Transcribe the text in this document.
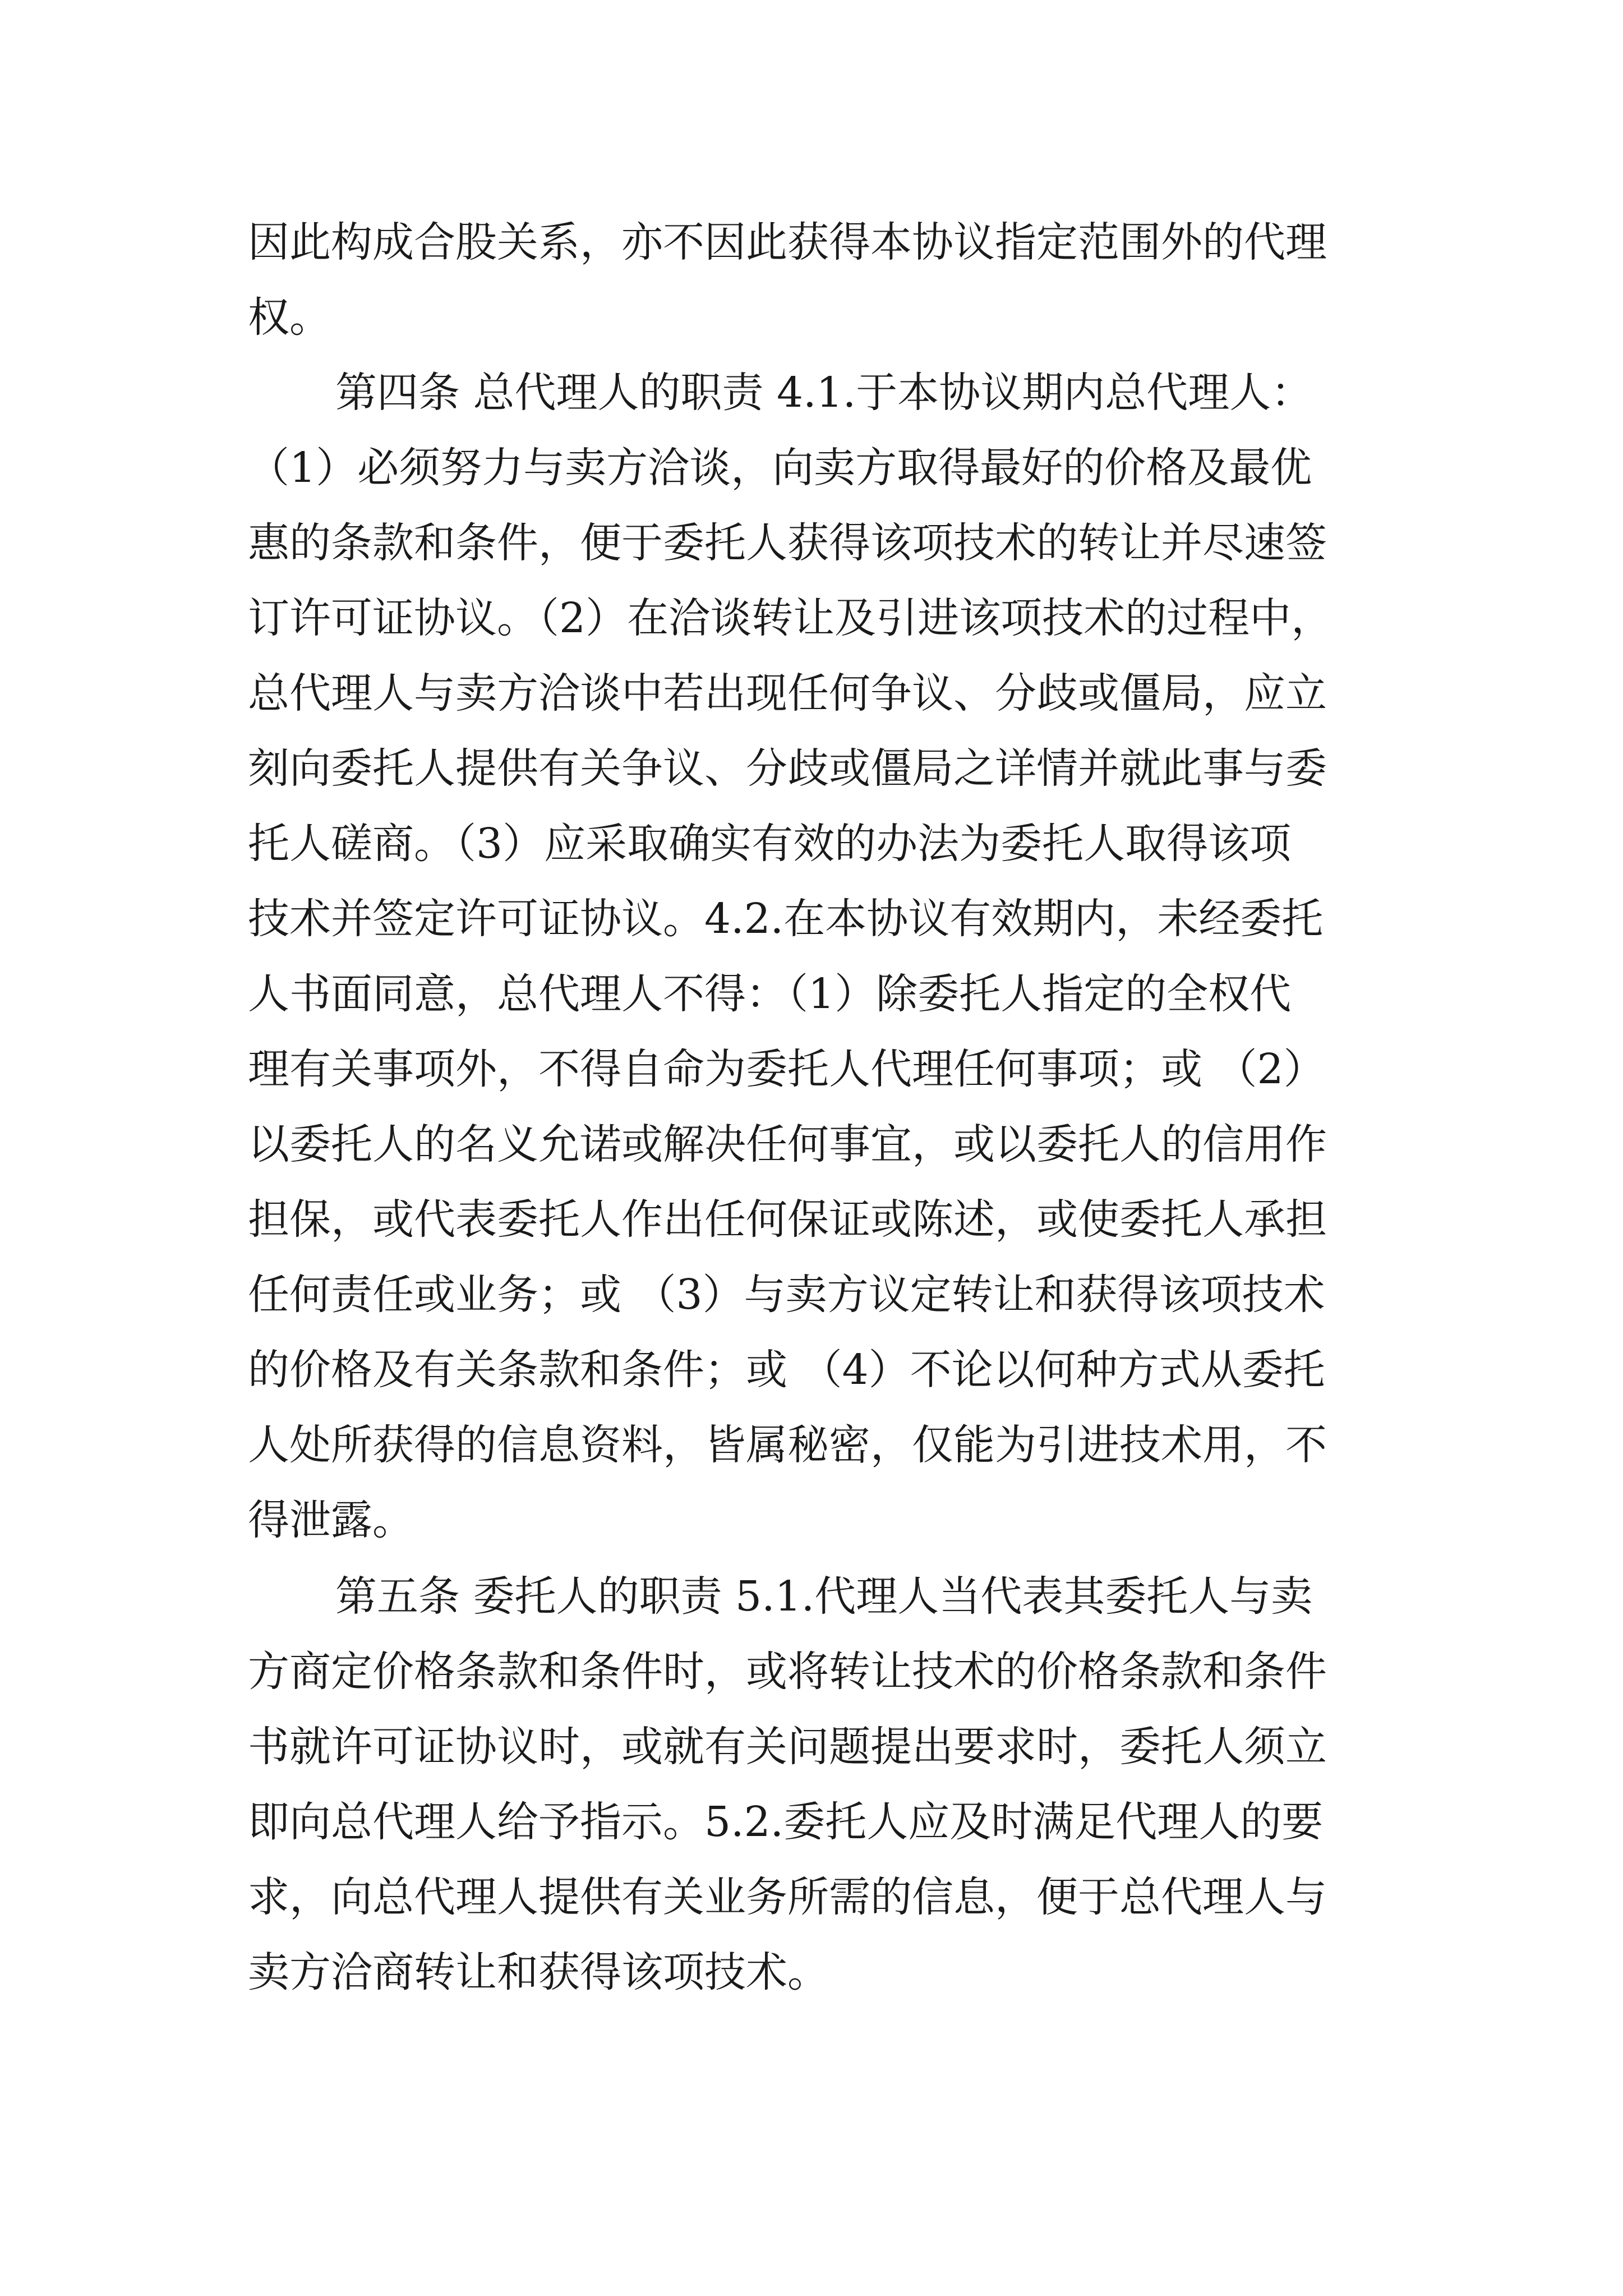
因此构成合股关系，亦不因此获得本协议指定范围外的代理
权。
第四条 总代理人的职责 4.1.于本协议期内总代理人：
（1）必须努力与卖方洽谈，向卖方取得最好的价格及最优
惠的条款和条件，便于委托人获得该项技术的转让并尽速签
订许可证协议。（2）在洽谈转让及引进该项技术的过程中，
总代理人与卖方洽谈中若出现任何争议、分歧或僵局，应立
刻向委托人提供有关争议、分歧或僵局之详情并就此事与委
托人磋商。（3）应采取确实有效的办法为委托人取得该项
技术并签定许可证协议。4.2.在本协议有效期内，未经委托
人书面同意，总代理人不得：（1）除委托人指定的全权代
理有关事项外，不得自命为委托人代理任何事项；或 （2）
以委托人的名义允诺或解决任何事宜，或以委托人的信用作
担保，或代表委托人作出任何保证或陈述，或使委托人承担
任何责任或业务；或 （3）与卖方议定转让和获得该项技术
的价格及有关条款和条件；或 （4）不论以何种方式从委托
人处所获得的信息资料，皆属秘密，仅能为引进技术用，不
得泄露。
第五条 委托人的职责 5.1.代理人当代表其委托人与卖
方商定价格条款和条件时，或将转让技术的价格条款和条件
书就许可证协议时，或就有关问题提出要求时，委托人须立
即向总代理人给予指示。5.2.委托人应及时满足代理人的要
求，向总代理人提供有关业务所需的信息，便于总代理人与
卖方洽商转让和获得该项技术。
